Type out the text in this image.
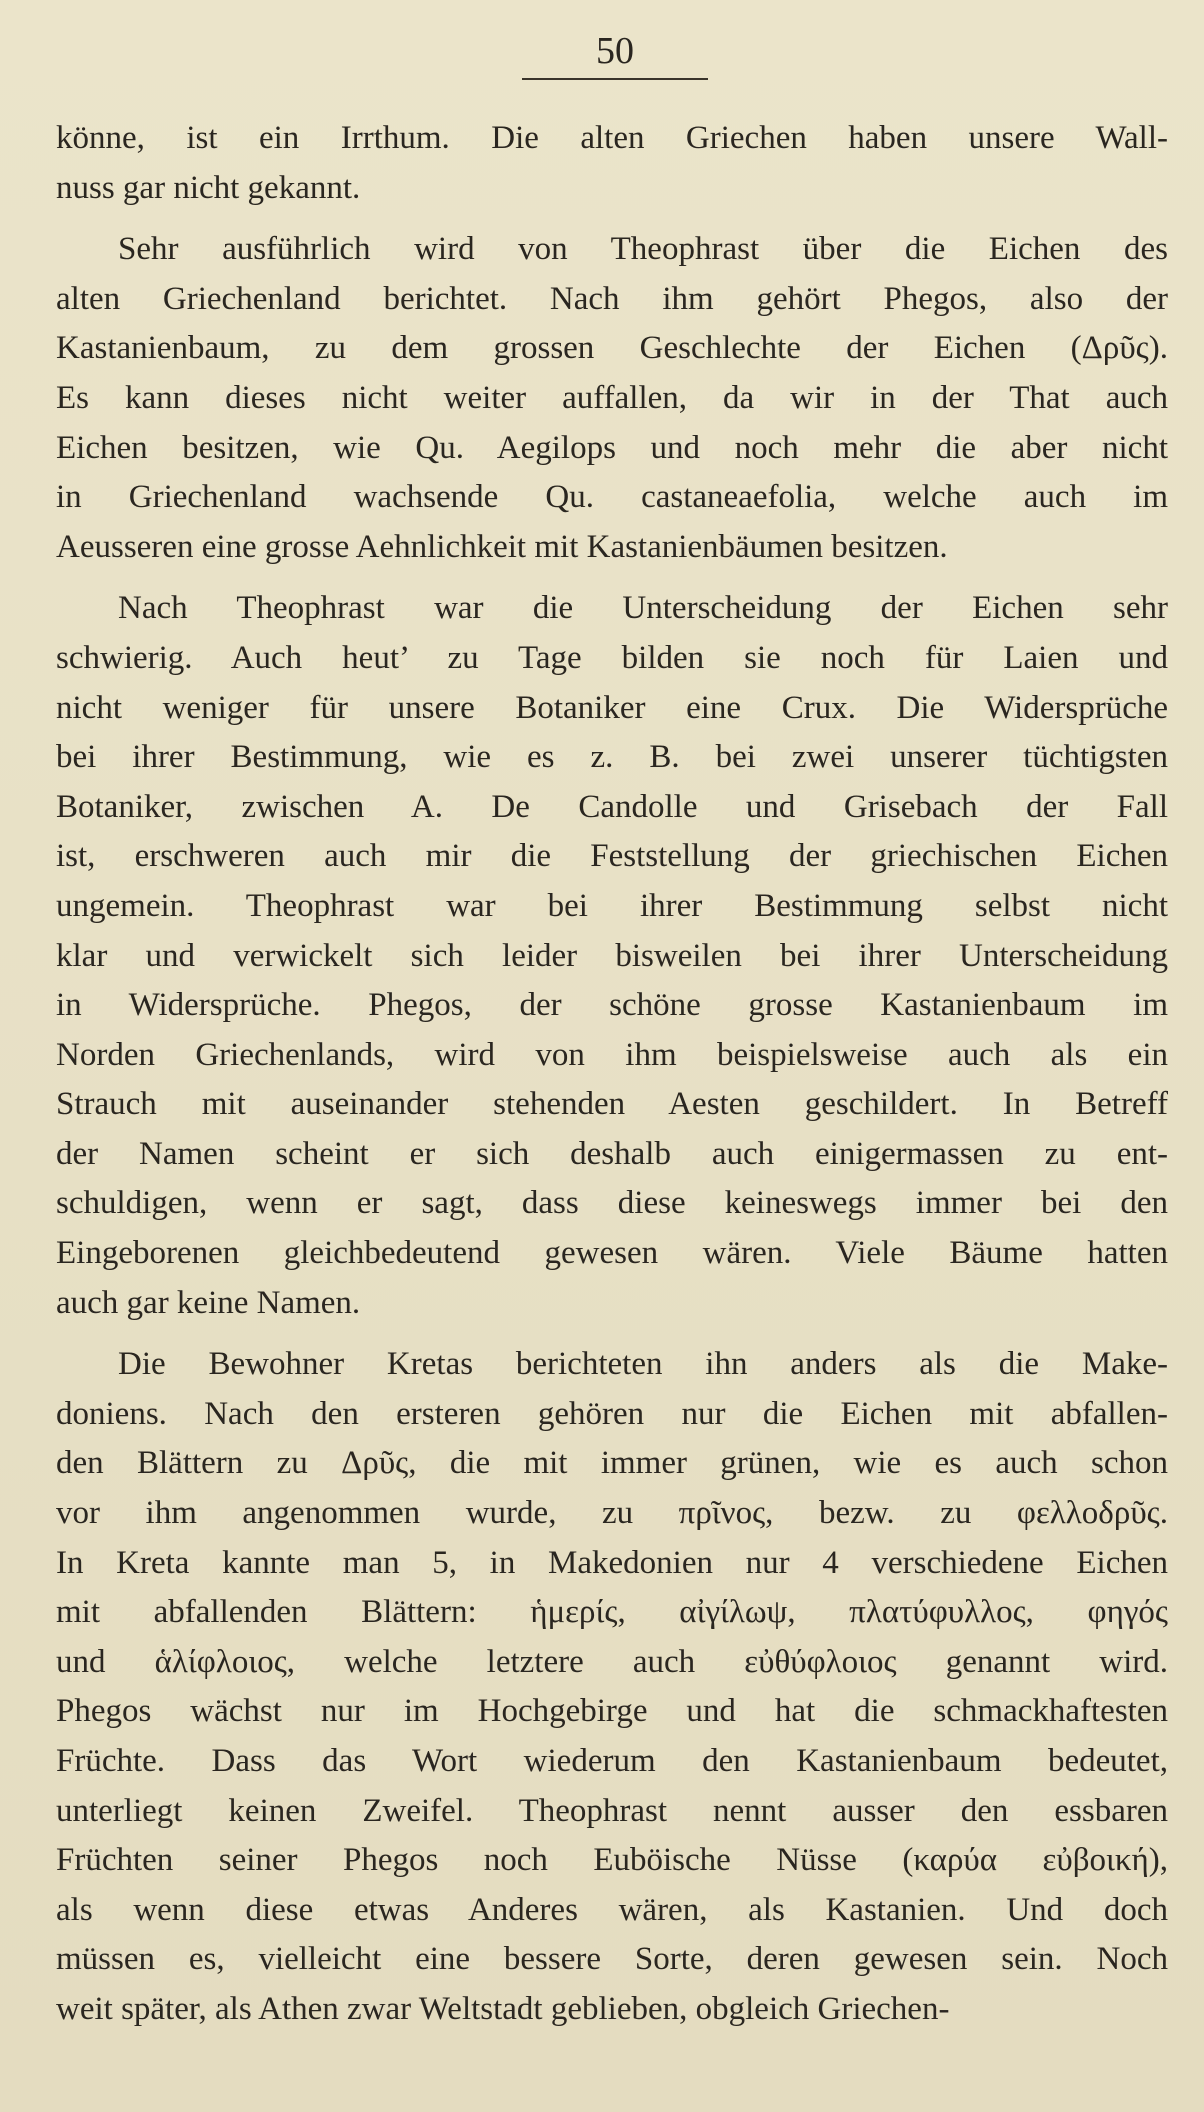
50

könne, ist ein Irrthum. Die alten Griechen haben unsere Wall-
nuss gar nicht gekannt.

Sehr ausführlich wird von Theophrast über die Eichen des
alten Griechenland berichtet. Nach ihm gehört Phegos, also der
Kastanienbaum, zu dem grossen Geschlechte der Eichen (Δρῦς).
Es kann dieses nicht weiter auffallen, da wir in der That auch
Eichen besitzen, wie Qu. Aegilops und noch mehr die aber nicht
in Griechenland wachsende Qu. castaneaefolia, welche auch im
Aeusseren eine grosse Aehnlichkeit mit Kastanienbäumen besitzen.

Nach Theophrast war die Unterscheidung der Eichen sehr
schwierig. Auch heut’ zu Tage bilden sie noch für Laien und
nicht weniger für unsere Botaniker eine Crux. Die Widersprüche
bei ihrer Bestimmung, wie es z. B. bei zwei unserer tüchtigsten
Botaniker, zwischen A. De Candolle und Grisebach der Fall
ist, erschweren auch mir die Feststellung der griechischen Eichen
ungemein. Theophrast war bei ihrer Bestimmung selbst nicht
klar und verwickelt sich leider bisweilen bei ihrer Unterscheidung
in Widersprüche. Phegos, der schöne grosse Kastanienbaum im
Norden Griechenlands, wird von ihm beispielsweise auch als ein
Strauch mit auseinander stehenden Aesten geschildert. In Betreff
der Namen scheint er sich deshalb auch einigermassen zu ent-
schuldigen, wenn er sagt, dass diese keineswegs immer bei den
Eingeborenen gleichbedeutend gewesen wären. Viele Bäume hatten
auch gar keine Namen.

Die Bewohner Kretas berichteten ihn anders als die Make-
doniens. Nach den ersteren gehören nur die Eichen mit abfallen-
den Blättern zu Δρῦς, die mit immer grünen, wie es auch schon
vor ihm angenommen wurde, zu πρῖνος, bezw. zu φελλοδρῦς.
In Kreta kannte man 5, in Makedonien nur 4 verschiedene Eichen
mit abfallenden Blättern: ἡμερίς, αἰγίλωψ, πλατύφυλλος, φηγός
und ἁλίφλοιος, welche letztere auch εὐθύφλοιος genannt wird.
Phegos wächst nur im Hochgebirge und hat die schmackhaftesten
Früchte. Dass das Wort wiederum den Kastanienbaum bedeutet,
unterliegt keinen Zweifel. Theophrast nennt ausser den essbaren
Früchten seiner Phegos noch Euböische Nüsse (καρύα εὐβοική),
als wenn diese etwas Anderes wären, als Kastanien. Und doch
müssen es, vielleicht eine bessere Sorte, deren gewesen sein. Noch
weit später, als Athen zwar Weltstadt geblieben, obgleich Griechen-
